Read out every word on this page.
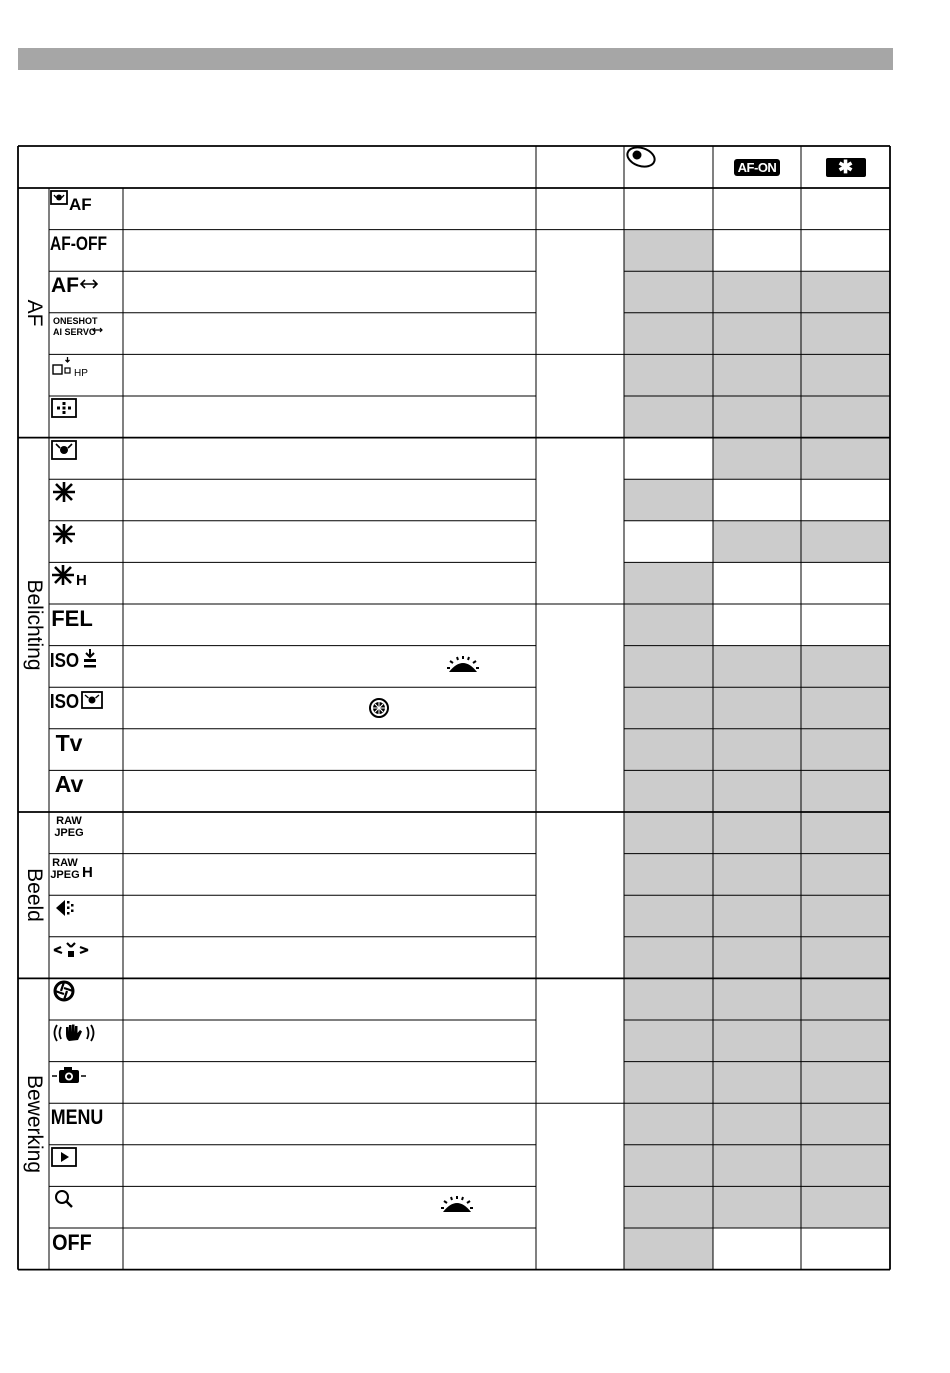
AF
Belichting
Beeld
Bewerking
AF-ON	✱
AF
AF-OFF
AF
ONESHOT
AI SERVO
HP
H
FEL
ISO
ISO
Tv
Av
RAW
JPEG
RAW
JPEG H
MENU
OFF
